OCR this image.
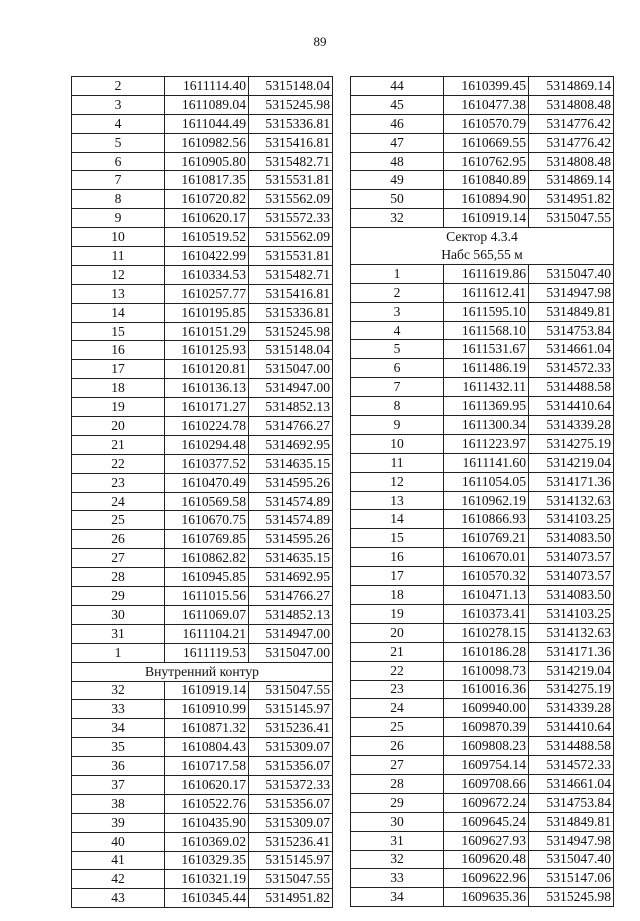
89
2	1611114.40	5315148.04
3	1611089.04	5315245.98
4	1611044.49	5315336.81
5	1610982.56	5315416.81
6	1610905.80	5315482.71
7	1610817.35	5315531.81
8	1610720.82	5315562.09
9	1610620.17	5315572.33
10	1610519.52	5315562.09
11	1610422.99	5315531.81
12	1610334.53	5315482.71
13	1610257.77	5315416.81
14	1610195.85	5315336.81
15	1610151.29	5315245.98
16	1610125.93	5315148.04
17	1610120.81	5315047.00
18	1610136.13	5314947.00
19	1610171.27	5314852.13
20	1610224.78	5314766.27
21	1610294.48	5314692.95
22	1610377.52	5314635.15
23	1610470.49	5314595.26
24	1610569.58	5314574.89
25	1610670.75	5314574.89
26	1610769.85	5314595.26
27	1610862.82	5314635.15
28	1610945.85	5314692.95
29	1611015.56	5314766.27
30	1611069.07	5314852.13
31	1611104.21	5314947.00
1	1611119.53	5315047.00
Внутренний контур		
32	1610919.14	5315047.55
33	1610910.99	5315145.97
34	1610871.32	5315236.41
35	1610804.43	5315309.07
36	1610717.58	5315356.07
37	1610620.17	5315372.33
38	1610522.76	5315356.07
39	1610435.90	5315309.07
40	1610369.02	5315236.41
41	1610329.35	5315145.97
42	1610321.19	5315047.55
43	1610345.44	5314951.82
44	1610399.45	5314869.14
45	1610477.38	5314808.48
46	1610570.79	5314776.42
47	1610669.55	5314776.42
48	1610762.95	5314808.48
49	1610840.89	5314869.14
50	1610894.90	5314951.82
32	1610919.14	5315047.55
Сектор 4.3.4		
Набс 565,55 м		
1	1611619.86	5315047.40
2	1611612.41	5314947.98
3	1611595.10	5314849.81
4	1611568.10	5314753.84
5	1611531.67	5314661.04
6	1611486.19	5314572.33
7	1611432.11	5314488.58
8	1611369.95	5314410.64
9	1611300.34	5314339.28
10	1611223.97	5314275.19
11	1611141.60	5314219.04
12	1611054.05	5314171.36
13	1610962.19	5314132.63
14	1610866.93	5314103.25
15	1610769.21	5314083.50
16	1610670.01	5314073.57
17	1610570.32	5314073.57
18	1610471.13	5314083.50
19	1610373.41	5314103.25
20	1610278.15	5314132.63
21	1610186.28	5314171.36
22	1610098.73	5314219.04
23	1610016.36	5314275.19
24	1609940.00	5314339.28
25	1609870.39	5314410.64
26	1609808.23	5314488.58
27	1609754.14	5314572.33
28	1609708.66	5314661.04
29	1609672.24	5314753.84
30	1609645.24	5314849.81
31	1609627.93	5314947.98
32	1609620.48	5315047.40
33	1609622.96	5315147.06
34	1609635.36	5315245.98
